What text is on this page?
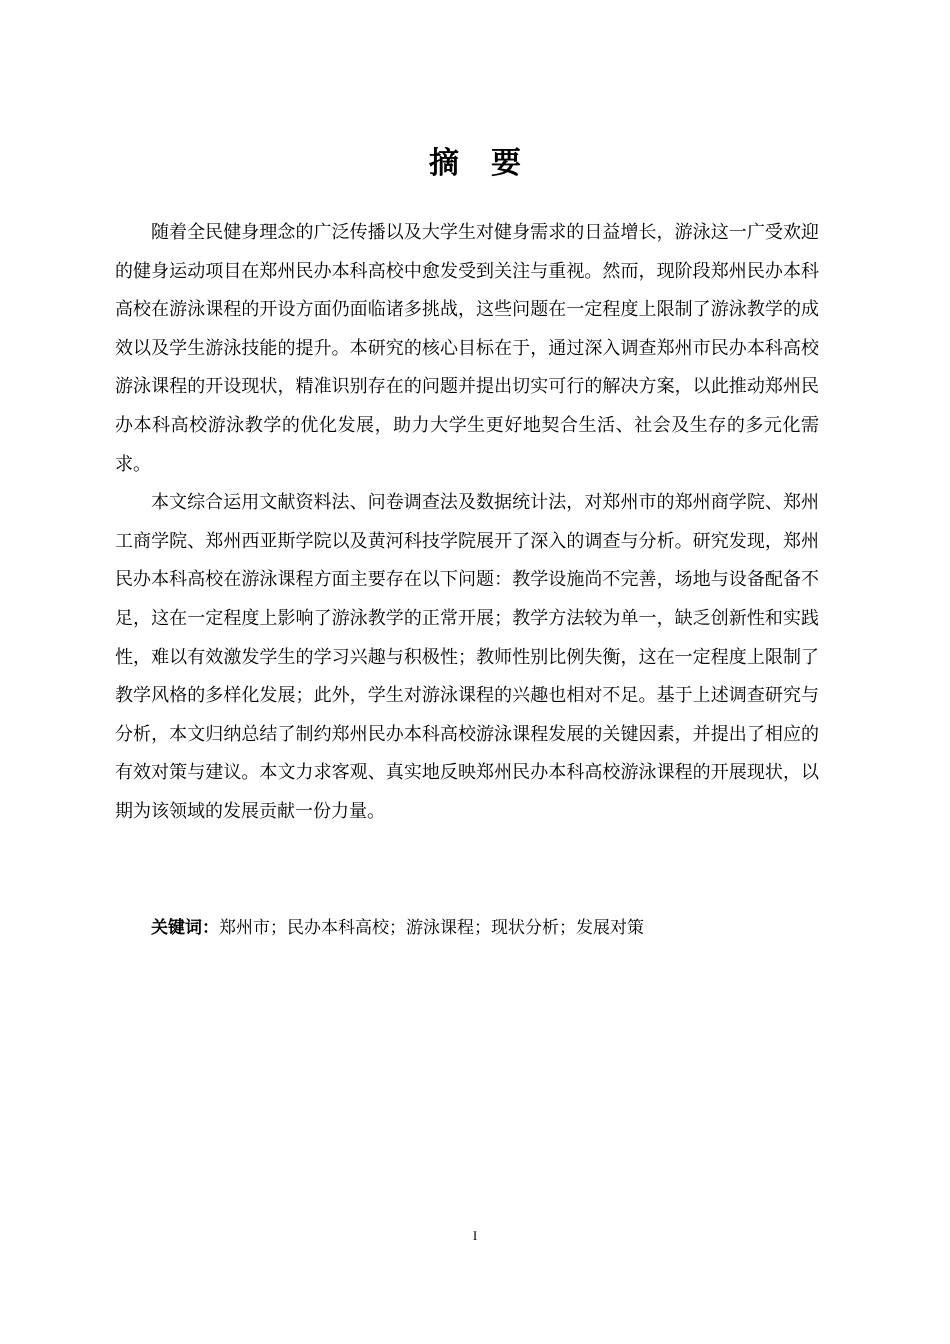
摘要

随着全民健身理念的广泛传播以及大学生对健身需求的日益增长，游泳这一广受欢迎的健身运动项目在郑州民办本科高校中愈发受到关注与重视。然而，现阶段郑州民办本科高校在游泳课程的开设方面仍面临诸多挑战，这些问题在一定程度上限制了游泳教学的成效以及学生游泳技能的提升。本研究的核心目标在于，通过深入调查郑州市民办本科高校游泳课程的开设现状，精准识别存在的问题并提出切实可行的解决方案，以此推动郑州民办本科高校游泳教学的优化发展，助力大学生更好地契合生活、社会及生存的多元化需求。

本文综合运用文献资料法、问卷调查法及数据统计法，对郑州市的郑州商学院、郑州工商学院、郑州西亚斯学院以及黄河科技学院展开了深入的调查与分析。研究发现，郑州民办本科高校在游泳课程方面主要存在以下问题：教学设施尚不完善，场地与设备配备不足，这在一定程度上影响了游泳教学的正常开展；教学方法较为单一，缺乏创新性和实践性，难以有效激发学生的学习兴趣与积极性；教师性别比例失衡，这在一定程度上限制了教学风格的多样化发展；此外，学生对游泳课程的兴趣也相对不足。基于上述调查研究与分析，本文归纳总结了制约郑州民办本科高校游泳课程发展的关键因素，并提出了相应的有效对策与建议。本文力求客观、真实地反映郑州民办本科高校游泳课程的开展现状，以期为该领域的发展贡献一份力量。

关键词：郑州市；民办本科高校；游泳课程；现状分析；发展对策
I
